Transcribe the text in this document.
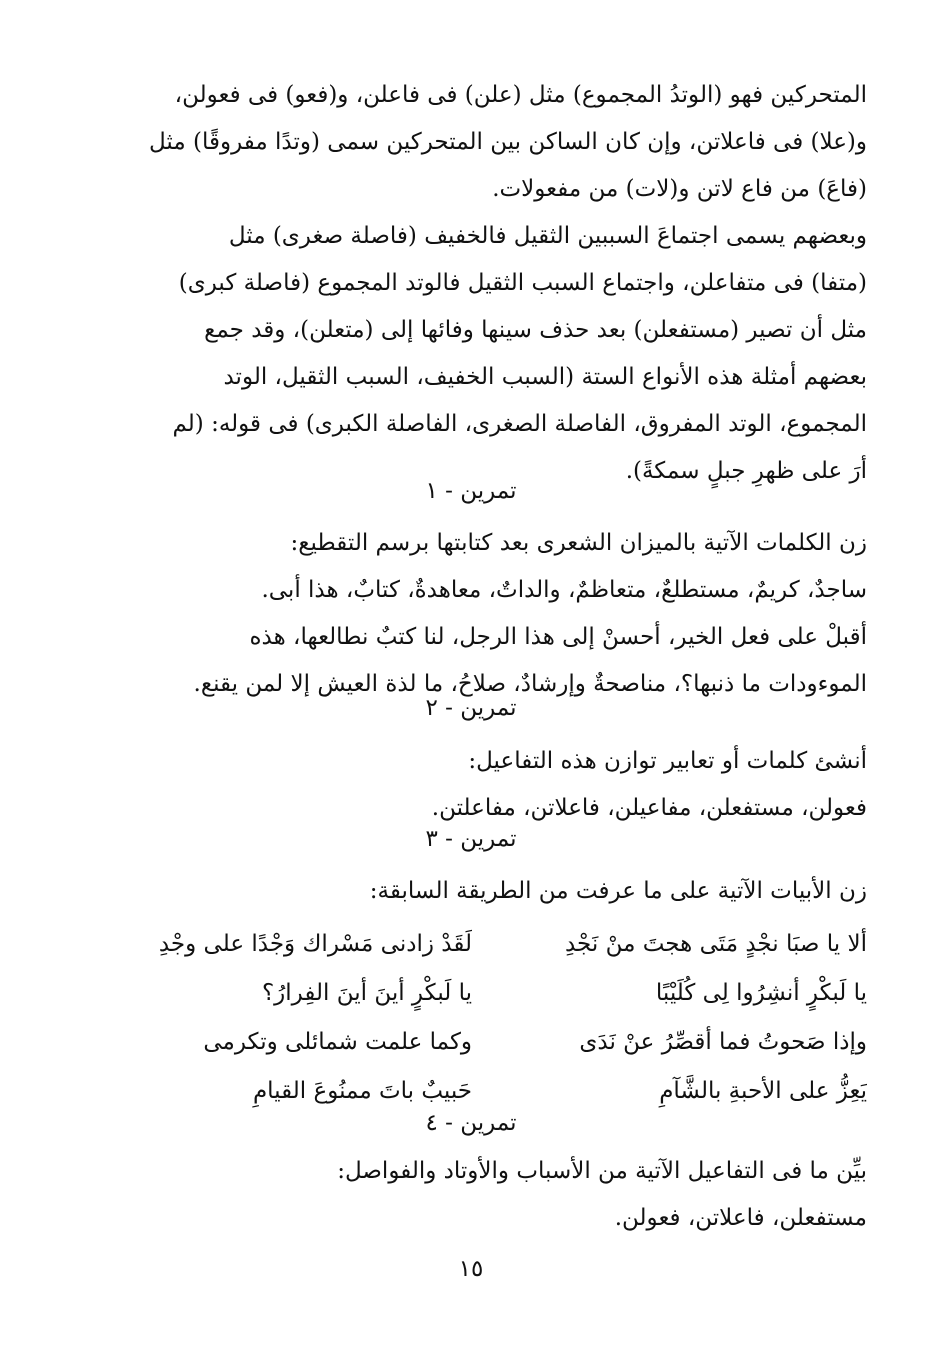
المتحركين فهو (الوتدُ المجموع) مثل (علن) فى فاعلن، و(فعو) فى فعولن،
و(علا) فى فاعلاتن، وإن كان الساكن بين المتحركين سمى (وتدًا مفروقًا) مثل
(فاعَ) من فاع لاتن و(لات) من مفعولات.
وبعضهم يسمى اجتماعَ السببين الثقيل فالخفيف (فاصلة صغرى) مثل
(متفا) فى متفاعلن، واجتماع السبب الثقيل فالوتد المجموع (فاصلة كبرى)
مثل أن تصير (مستفعلن) بعد حذف سينها وفائها إلى (متعلن)، وقد جمع
بعضهم أمثلة هذه الأنواع الستة (السبب الخفيف، السبب الثقيل، الوتد
المجموع، الوتد المفروق، الفاصلة الصغرى، الفاصلة الكبرى) فى قوله: (لم
أرَ على ظهرِ جبلٍ سمكةً).
تمرين - ١
زن الكلمات الآتية بالميزان الشعرى بعد كتابتها برسم التقطيع:
ساجدٌ، كريمٌ، مستطلعٌ، متعاظمٌ، والداتٌ، معاهدةٌ، كتابٌ، هذا أبى.
أقبلْ على فعل الخير، أحسنْ إلى هذا الرجل، لنا كتبٌ نطالعها، هذه
الموءودات ما ذنبها؟، مناصحةٌ وإرشادٌ، صلاحُ، ما لذة العيش إلا لمن يقنع.
تمرين - ٢
أنشئ كلمات أو تعابير توازن هذه التفاعيل:
فعولن، مستفعلن، مفاعيلن، فاعلاتن، مفاعلتن.
تمرين - ٣
زن الأبيات الآتية على ما عرفت من الطريقة السابقة:
ألا يا صبَا نجْدٍ مَتَى هجتَ منْ نَجْدِ
لَقَدْ زادنى مَسْراك وَجْدًا على وجْدِ
يا لَبكْرٍ أنشِرُوا لِى كُلَيْبًا
يا لَبكْرٍ أينَ أينَ الفِرارُ؟
وإذا صَحوتُ فما أقصِّرُ عنْ نَدَى
وكما علمت شمائلى وتكرمى
يَعِزُّ على الأحبةِ بالشَّآمِ
حَبيبٌ باتَ ممنُوعَ القيامِ
تمرين - ٤
بيِّن ما فى التفاعيل الآتية من الأسباب والأوتاد والفواصل:
مستفعلن، فاعلاتن، فعولن.
١٥
